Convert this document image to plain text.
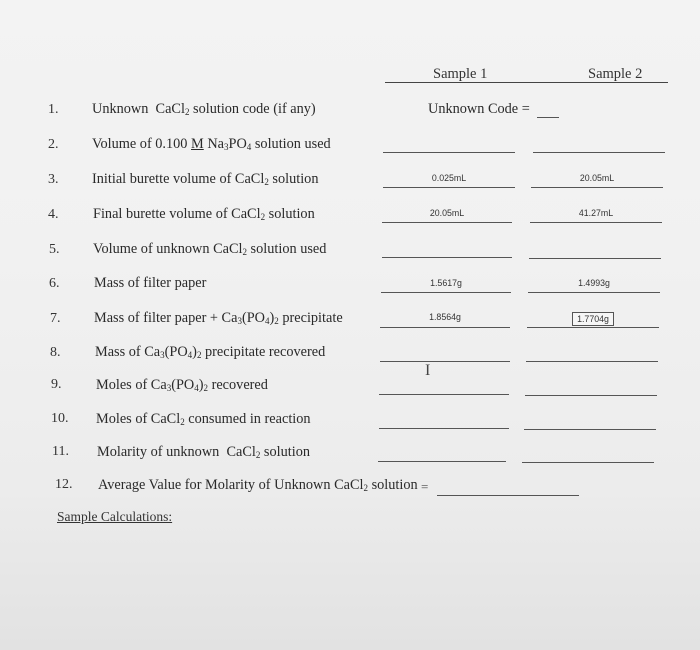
Sample 1	Sample 2
1. Unknown  CaCl$_2$ solution code (if any)	Unknown Code =
2. Volume of 0.100 M $Na_3PO_4$ solution used
3. Initial burette volume of CaCl$_2$ solution	0.025mL	20.05mL
4. Final burette volume of CaCl$_2$ solution	20.05mL	41.27mL
5. Volume of unknown CaCl$_2$ solution used
6. Mass of filter paper	1.5617g	1.4993g
7. Mass of filter paper + $Ca_3(PO_4)_2$ precipitate	1.8564g	1.7704g
8. Mass of $Ca_3(PO_4)_2$ precipitate recovered
9. Moles of $Ca_3(PO_4)_2$ recovered
I
10. Moles of CaCl$_2$ consumed in reaction
11. Molarity of unknown  CaCl$_2$ solution
12. Average Value for Molarity of Unknown CaCl$_2$ solution =
Sample Calculations:
